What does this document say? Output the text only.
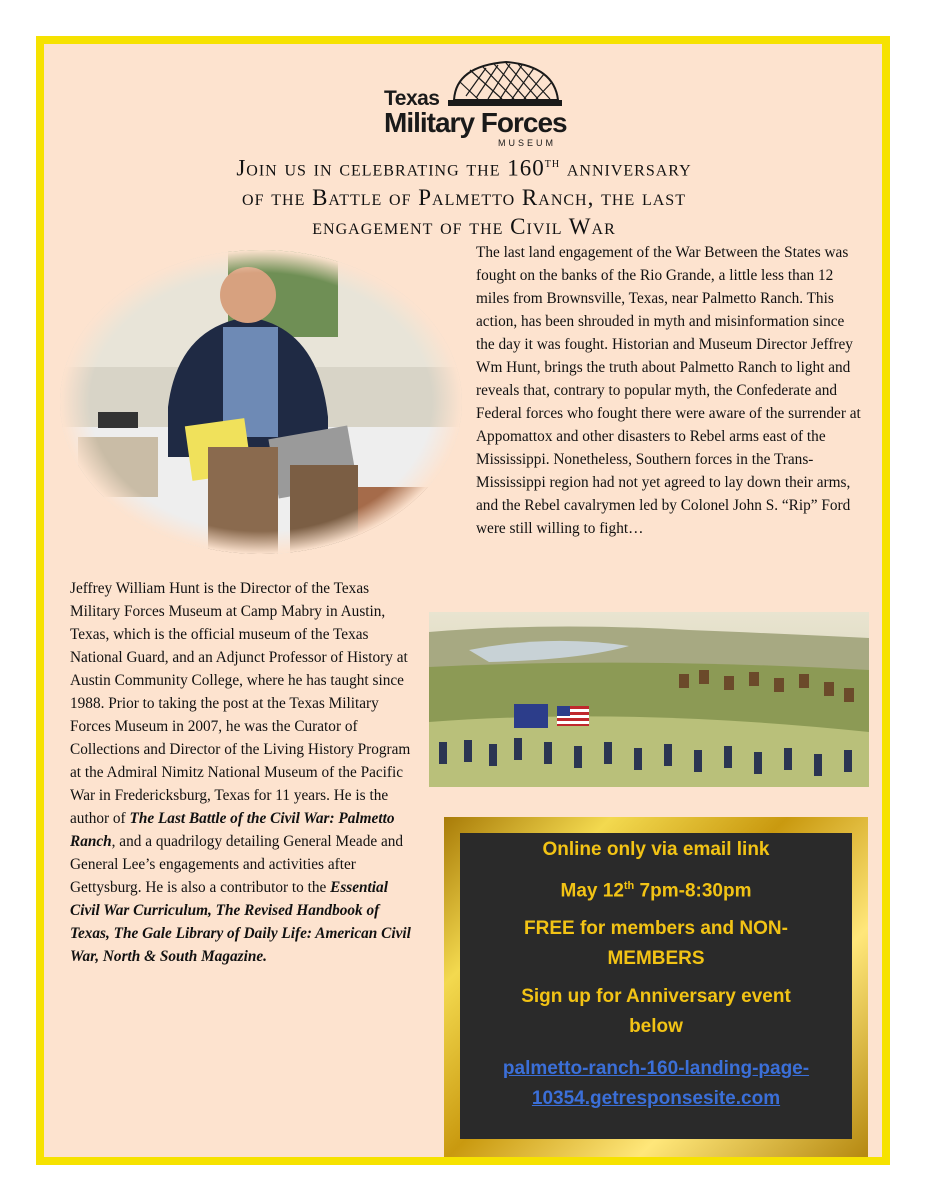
Texas
Military Forces
MUSEUM
Join us in celebrating the 160th anniversary
of the Battle of Palmetto Ranch, the last
engagement of the Civil War
The last land engagement of the War Between the States was fought on the banks of the Rio Grande, a little less than 12 miles from Brownsville, Texas, near Palmetto Ranch. This action, has been shrouded in myth and misinformation since the day it was fought. Historian and Museum Director Jeffrey Wm Hunt, brings the truth about Palmetto Ranch to light and reveals that, contrary to popular myth, the Confederate and Federal forces who fought there were aware of the surrender at Appomattox and other disasters to Rebel arms east of the Mississippi. Nonetheless, Southern forces in the Trans-Mississippi region had not yet agreed to lay down their arms, and the Rebel cavalrymen led by Colonel John S. “Rip” Ford were still willing to fight…
Jeffrey William Hunt is the Director of the Texas Military Forces Museum at Camp Mabry in Austin, Texas, which is the official museum of the Texas National Guard, and an Adjunct Professor of History at Austin Community College, where he has taught since 1988. Prior to taking the post at the Texas Military Forces Museum in 2007, he was the Curator of Collections and Director of the Living History Program at the Admiral Nimitz National Museum of the Pacific War in Fredericksburg, Texas for 11 years. He is the author of The Last Battle of the Civil War: Palmetto Ranch, and a quadrilogy detailing General Meade and General Lee’s engagements and activities after Gettysburg. He is also a contributor to the Essential Civil War Curriculum, The Revised Handbook of Texas, The Gale Library of Daily Life: American Civil War, North & South Magazine.
Online only via email link
May 12th 7pm-8:30pm
FREE for members and NON-MEMBERS
Sign up for Anniversary event below
palmetto-ranch-160-landing-page-10354.getresponsesite.com
